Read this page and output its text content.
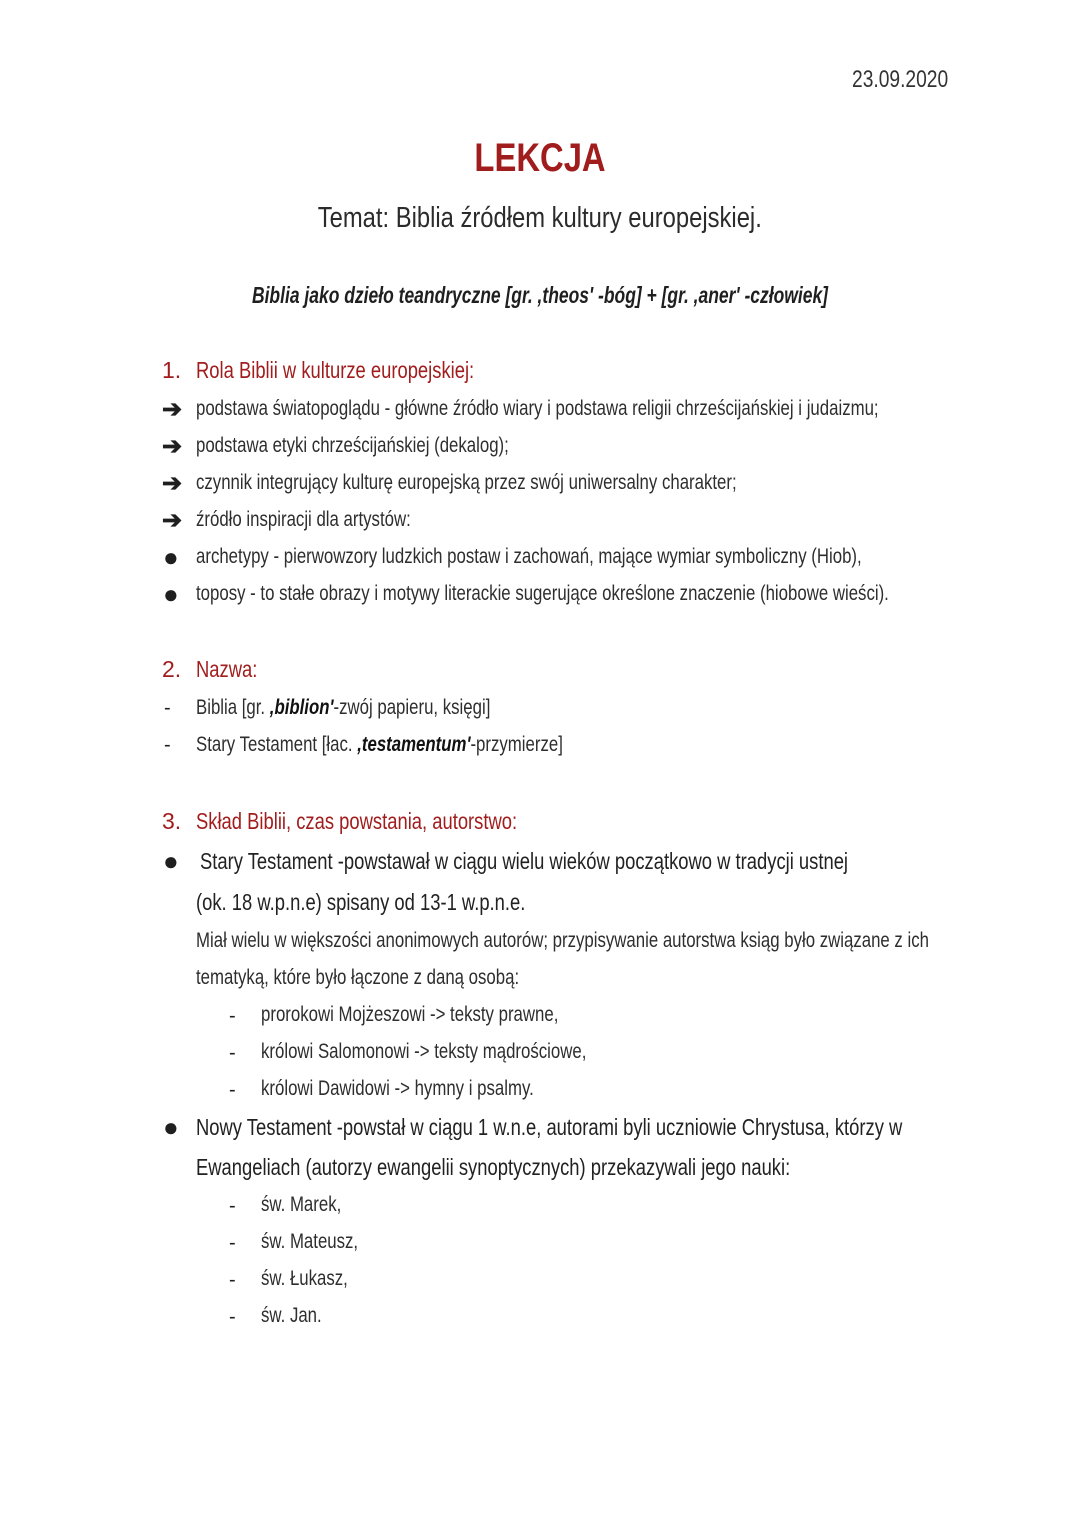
23.09.2020
LEKCJA
Temat: Biblia źródłem kultury europejskiej.
Biblia jako dzieło teandryczne [gr. ,theos' -bóg] + [gr. ,aner' -człowiek]
1. Rola Biblii w kulturze europejskiej:
➔ podstawa światopoglądu - główne źródło wiary i podstawa religii chrześcijańskiej i judaizmu;
➔ podstawa etyki chrześcijańskiej (dekalog);
➔ czynnik integrujący kulturę europejską przez swój uniwersalny charakter;
➔ źródło inspiracji dla artystów:
● archetypy - pierwowzory ludzkich postaw i zachowań, mające wymiar symboliczny (Hiob),
● toposy - to stałe obrazy i motywy literackie sugerujące określone znaczenie (hiobowe wieści).
2. Nazwa:
- Biblia [gr. ,biblion'-zwój papieru, księgi]
- Stary Testament [łac. ,testamentum'-przymierze]
3. Skład Biblii, czas powstania, autorstwo:
● Stary Testament -powstawał w ciągu wielu wieków początkowo w tradycji ustnej
(ok. 18 w.p.n.e) spisany od 13-1 w.p.n.e.
Miał wielu w większości anonimowych autorów; przypisywanie autorstwa ksiąg było związane z ich
tematyką, które było łączone z daną osobą:
- prorokowi Mojżeszowi -> teksty prawne,
- królowi Salomonowi -> teksty mądrościowe,
- królowi Dawidowi -> hymny i psalmy.
● Nowy Testament -powstał w ciągu 1 w.n.e, autorami byli uczniowie Chrystusa, którzy w
Ewangeliach (autorzy ewangelii synoptycznych) przekazywali jego nauki:
- św. Marek,
- św. Mateusz,
- św. Łukasz,
- św. Jan.
